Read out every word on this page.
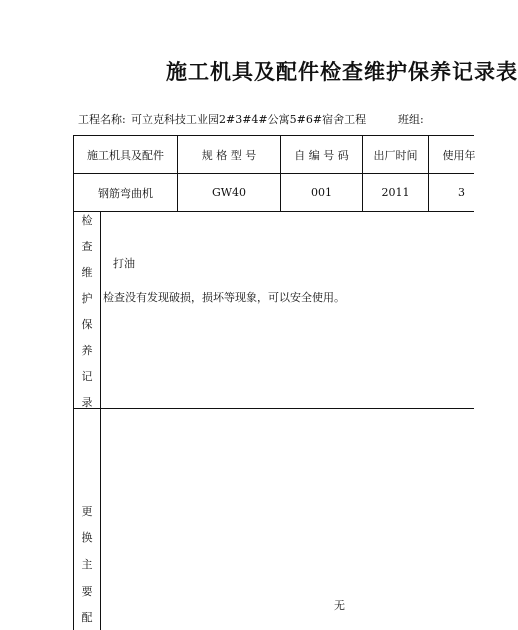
施工机具及配件检查维护保养记录表
工程名称: 可立克科技工业园2#3#4#公寓5#6#宿舍工程	班组:
施工机具及配件	规 格 型 号	自 编 号 码	出厂时间	使用年
钢筋弯曲机	GW40	001	2011	3
检
查
维
护
保
养
记
录
打油
检查没有发现破损，损坏等现象，可以安全使用。
更
换
主
要
配
无
